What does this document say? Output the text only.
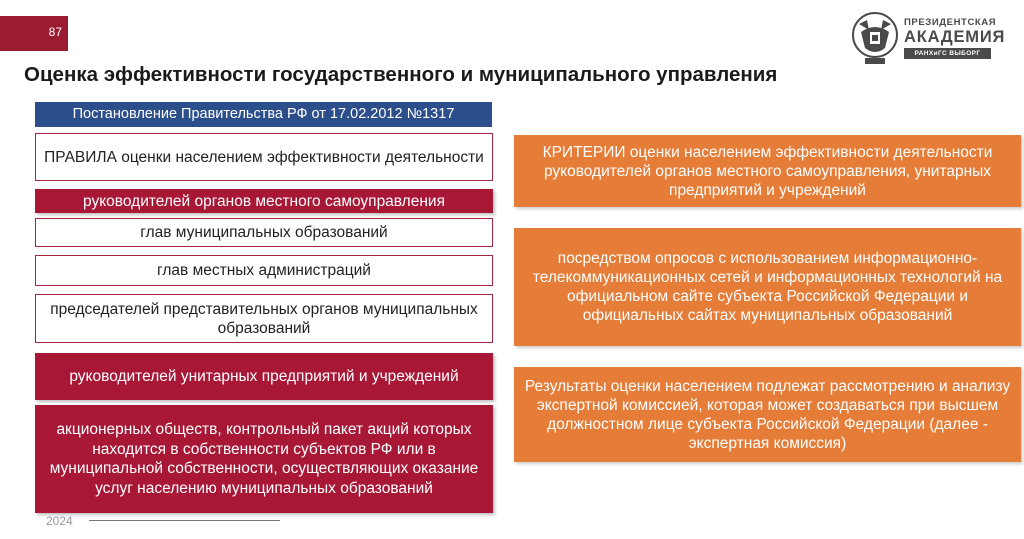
87
ПРЕЗИДЕНТСКАЯ
АКАДЕМИЯ
РАНХиГС ВЫБОРГ
Оценка эффективности государственного и муниципального управления
Постановление Правительства РФ от 17.02.2012 №1317
ПРАВИЛА оценки населением эффективности деятельности
руководителей органов местного самоуправления
глав муниципальных образований
глав местных администраций
председателей представительных органов муниципальных образований
руководителей унитарных предприятий и учреждений
акционерных обществ, контрольный пакет акций которых находится в собственности субъектов РФ или в муниципальной собственности, осуществляющих оказание услуг населению муниципальных образований
КРИТЕРИИ оценки населением эффективности деятельности руководителей органов местного самоуправления, унитарных предприятий и учреждений
посредством опросов с использованием информационно-телекоммуникационных сетей и информационных технологий на официальном сайте субъекта Российской Федерации и официальных сайтах муниципальных образований
Результаты оценки населением подлежат рассмотрению и анализу экспертной комиссией, которая может создаваться при высшем должностном лице субъекта Российской Федерации (далее - экспертная комиссия)
2024
